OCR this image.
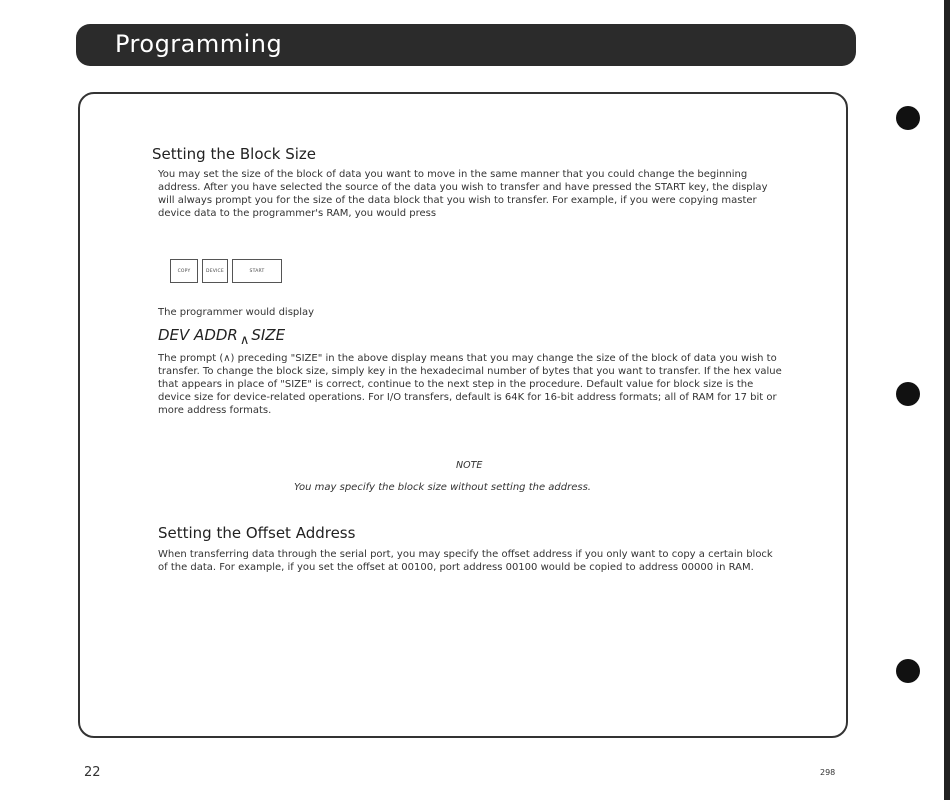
Programming
Setting the Block Size

You may set the size of the block of data you want to move in the same manner that you could change the beginning address. After you have selected the source of the data you wish to transfer and have pressed the START key, the display will always prompt you for the size of the data block that you wish to transfer. For example, if you were copying master device data to the programmer's RAM, you would press

COPY	DEVICE	START

The programmer would display

DEV ADDR ∧ SIZE

The prompt (∧) preceding "SIZE" in the above display means that you may change the size of the block of data you wish to transfer. To change the block size, simply key in the hexadecimal number of bytes that you want to transfer. If the hex value that appears in place of "SIZE" is correct, continue to the next step in the procedure. Default value for block size is the device size for device-related operations. For I/O transfers, default is 64K for 16-bit address formats; all of RAM for 17 bit or more address formats.

NOTE
You may specify the block size without setting the address.
Setting the Offset Address

When transferring data through the serial port, you may specify the offset address if you only want to copy a certain block of the data. For example, if you set the offset at 00100, port address 00100 would be copied to address 00000 in RAM.

22	298
